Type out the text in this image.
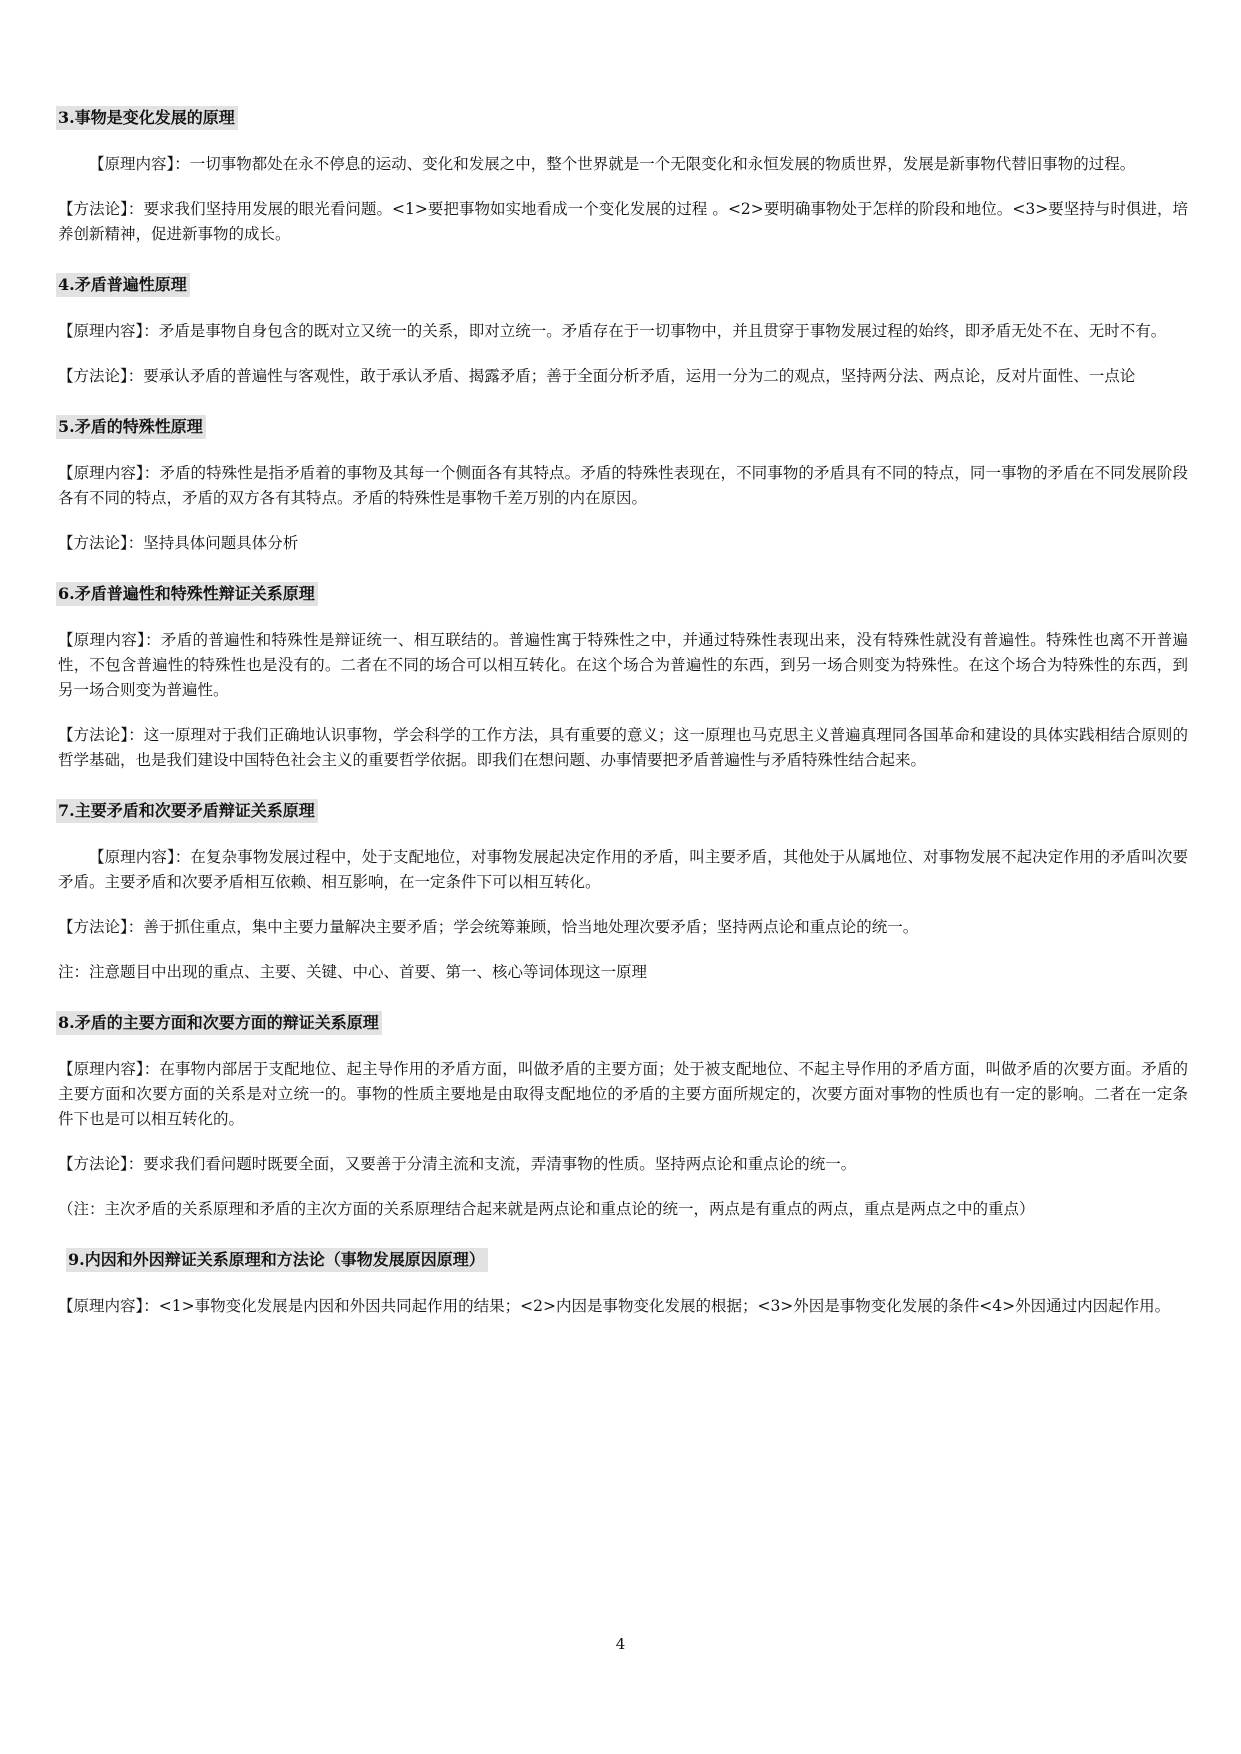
3.事物是变化发展的原理

【原理内容】：一切事物都处在永不停息的运动、变化和发展之中，整个世界就是一个无限变化和永恒发展的物质世界，发展是新事物代替旧事物的过程。

【方法论】：要求我们坚持用发展的眼光看问题。<1>要把事物如实地看成一个变化发展的过程 。<2>要明确事物处于怎样的阶段和地位。<3>要坚持与时俱进，培养创新精神，促进新事物的成长。

4.矛盾普遍性原理

【原理内容】：矛盾是事物自身包含的既对立又统一的关系，即对立统一。矛盾存在于一切事物中，并且贯穿于事物发展过程的始终，即矛盾无处不在、无时不有。

【方法论】：要承认矛盾的普遍性与客观性，敢于承认矛盾、揭露矛盾；善于全面分析矛盾，运用一分为二的观点，坚持两分法、两点论，反对片面性、一点论

5.矛盾的特殊性原理

【原理内容】：矛盾的特殊性是指矛盾着的事物及其每一个侧面各有其特点。矛盾的特殊性表现在，不同事物的矛盾具有不同的特点，同一事物的矛盾在不同发展阶段各有不同的特点，矛盾的双方各有其特点。矛盾的特殊性是事物千差万别的内在原因。

【方法论】：坚持具体问题具体分析

6.矛盾普遍性和特殊性辩证关系原理

【原理内容】：矛盾的普遍性和特殊性是辩证统一、相互联结的。普遍性寓于特殊性之中，并通过特殊性表现出来，没有特殊性就没有普遍性。特殊性也离不开普遍性，不包含普遍性的特殊性也是没有的。二者在不同的场合可以相互转化。在这个场合为普遍性的东西，到另一场合则变为特殊性。在这个场合为特殊性的东西，到另一场合则变为普遍性。

【方法论】：这一原理对于我们正确地认识事物，学会科学的工作方法，具有重要的意义；这一原理也马克思主义普遍真理同各国革命和建设的具体实践相结合原则的哲学基础，也是我们建设中国特色社会主义的重要哲学依据。即我们在想问题、办事情要把矛盾普遍性与矛盾特殊性结合起来。

7.主要矛盾和次要矛盾辩证关系原理

【原理内容】：在复杂事物发展过程中，处于支配地位，对事物发展起决定作用的矛盾，叫主要矛盾，其他处于从属地位、对事物发展不起决定作用的矛盾叫次要矛盾。主要矛盾和次要矛盾相互依赖、相互影响，在一定条件下可以相互转化。

【方法论】：善于抓住重点，集中主要力量解决主要矛盾；学会统筹兼顾，恰当地处理次要矛盾；坚持两点论和重点论的统一。

注：注意题目中出现的重点、主要、关键、中心、首要、第一、核心等词体现这一原理

8.矛盾的主要方面和次要方面的辩证关系原理

【原理内容】：在事物内部居于支配地位、起主导作用的矛盾方面，叫做矛盾的主要方面；处于被支配地位、不起主导作用的矛盾方面，叫做矛盾的次要方面。矛盾的主要方面和次要方面的关系是对立统一的。事物的性质主要地是由取得支配地位的矛盾的主要方面所规定的，次要方面对事物的性质也有一定的影响。二者在一定条件下也是可以相互转化的。

【方法论】：要求我们看问题时既要全面，又要善于分清主流和支流，弄清事物的性质。坚持两点论和重点论的统一。

（注：主次矛盾的关系原理和矛盾的主次方面的关系原理结合起来就是两点论和重点论的统一，两点是有重点的两点，重点是两点之中的重点）

9.内因和外因辩证关系原理和方法论（事物发展原因原理）

【原理内容】：<1>事物变化发展是内因和外因共同起作用的结果；<2>内因是事物变化发展的根据；<3>外因是事物变化发展的条件<4>外因通过内因起作用。

4
